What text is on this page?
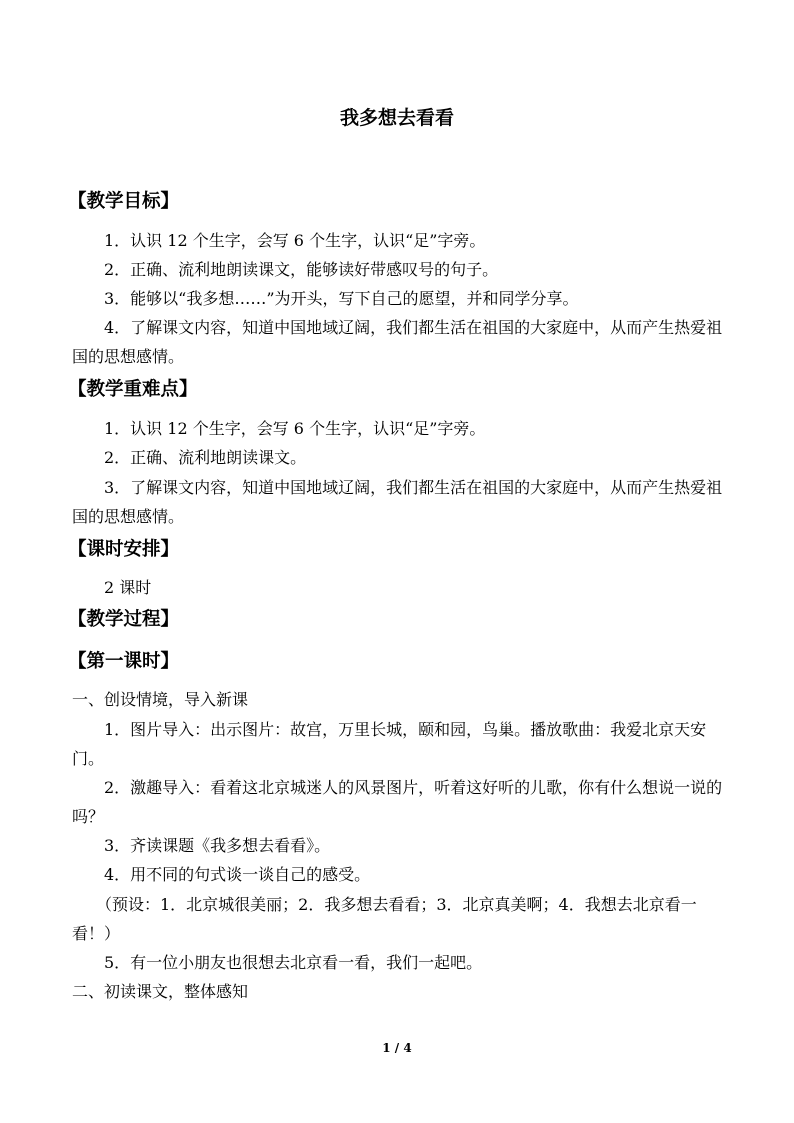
我多想去看看
【教学目标】
1．认识 12 个生字，会写 6 个生字，认识“足”字旁。
2．正确、流利地朗读课文，能够读好带感叹号的句子。
3．能够以“我多想……”为开头，写下自己的愿望，并和同学分享。
4．了解课文内容，知道中国地域辽阔，我们都生活在祖国的大家庭中，从而产生热爱祖
国的思想感情。
【教学重难点】
1．认识 12 个生字，会写 6 个生字，认识“足”字旁。
2．正确、流利地朗读课文。
3．了解课文内容，知道中国地域辽阔，我们都生活在祖国的大家庭中，从而产生热爱祖
国的思想感情。
【课时安排】
2 课时
【教学过程】
【第一课时】
一、创设情境，导入新课
1．图片导入：出示图片：故宫，万里长城，颐和园，鸟巢。播放歌曲：我爱北京天安
门。
2．激趣导入：看着这北京城迷人的风景图片，听着这好听的儿歌，你有什么想说一说的
吗？
3．齐读课题《我多想去看看》。
4．用不同的句式谈一谈自己的感受。
（预设：1．北京城很美丽；2．我多想去看看；3．北京真美啊；4．我想去北京看一
看！）
5．有一位小朋友也很想去北京看一看，我们一起吧。
二、初读课文，整体感知
1 / 4
